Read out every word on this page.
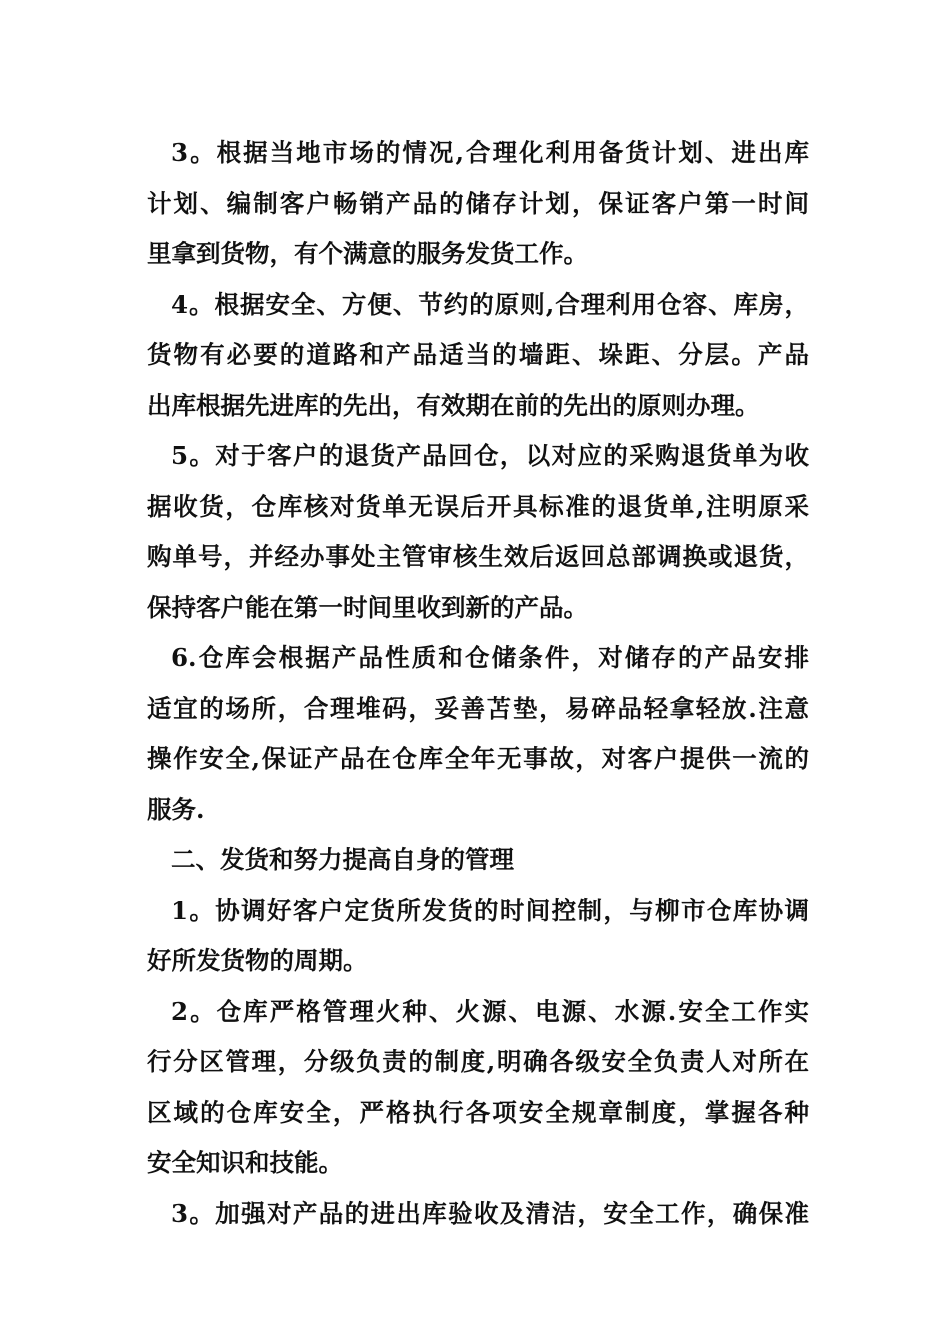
3。根据当地市场的情况,合理化利用备货计划、进出库
计划、编制客户畅销产品的储存计划，保证客户第一时间
里拿到货物，有个满意的服务发货工作。
4。根据安全、方便、节约的原则,合理利用仓容、库房，
货物有必要的道路和产品适当的墙距、垛距、分层。产品
出库根据先进库的先出，有效期在前的先出的原则办理。
5。对于客户的退货产品回仓，以对应的采购退货单为收
据收货，仓库核对货单无误后开具标准的退货单,注明原采
购单号，并经办事处主管审核生效后返回总部调换或退货，
保持客户能在第一时间里收到新的产品。
6.仓库会根据产品性质和仓储条件，对储存的产品安排
适宜的场所，合理堆码，妥善苫垫，易碎品轻拿轻放.注意
操作安全,保证产品在仓库全年无事故，对客户提供一流的
服务.
二、发货和努力提高自身的管理
1。协调好客户定货所发货的时间控制，与柳市仓库协调
好所发货物的周期。
2。仓库严格管理火种、火源、电源、水源.安全工作实
行分区管理，分级负责的制度,明确各级安全负责人对所在
区域的仓库安全，严格执行各项安全规章制度，掌握各种
安全知识和技能。
3。加强对产品的进出库验收及清洁，安全工作，确保准
